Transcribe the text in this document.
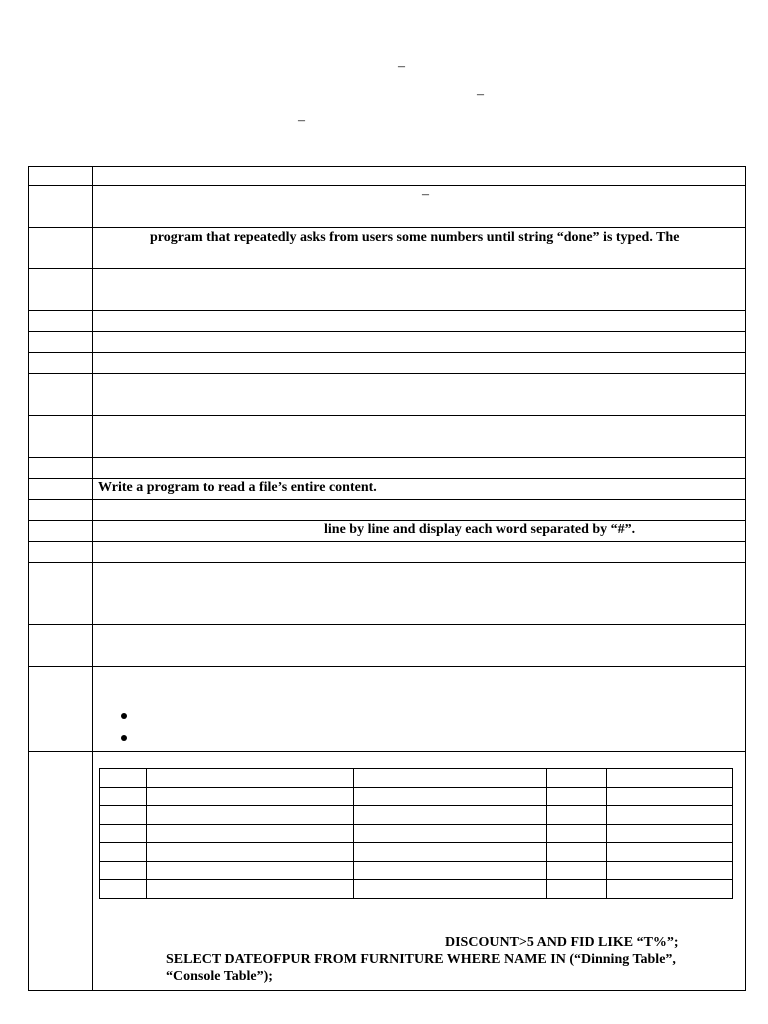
–
–
–

	–

program that repeatedly asks from users some numbers until string “done” is typed. The

Write a program to read a file’s entire content.

line by line and display each word separated by “#”.

DISCOUNT>5 AND FID LIKE “T%”;
SELECT DATEOFPUR FROM FURNITURE WHERE NAME IN (“Dinning Table”,
“Console Table”);
